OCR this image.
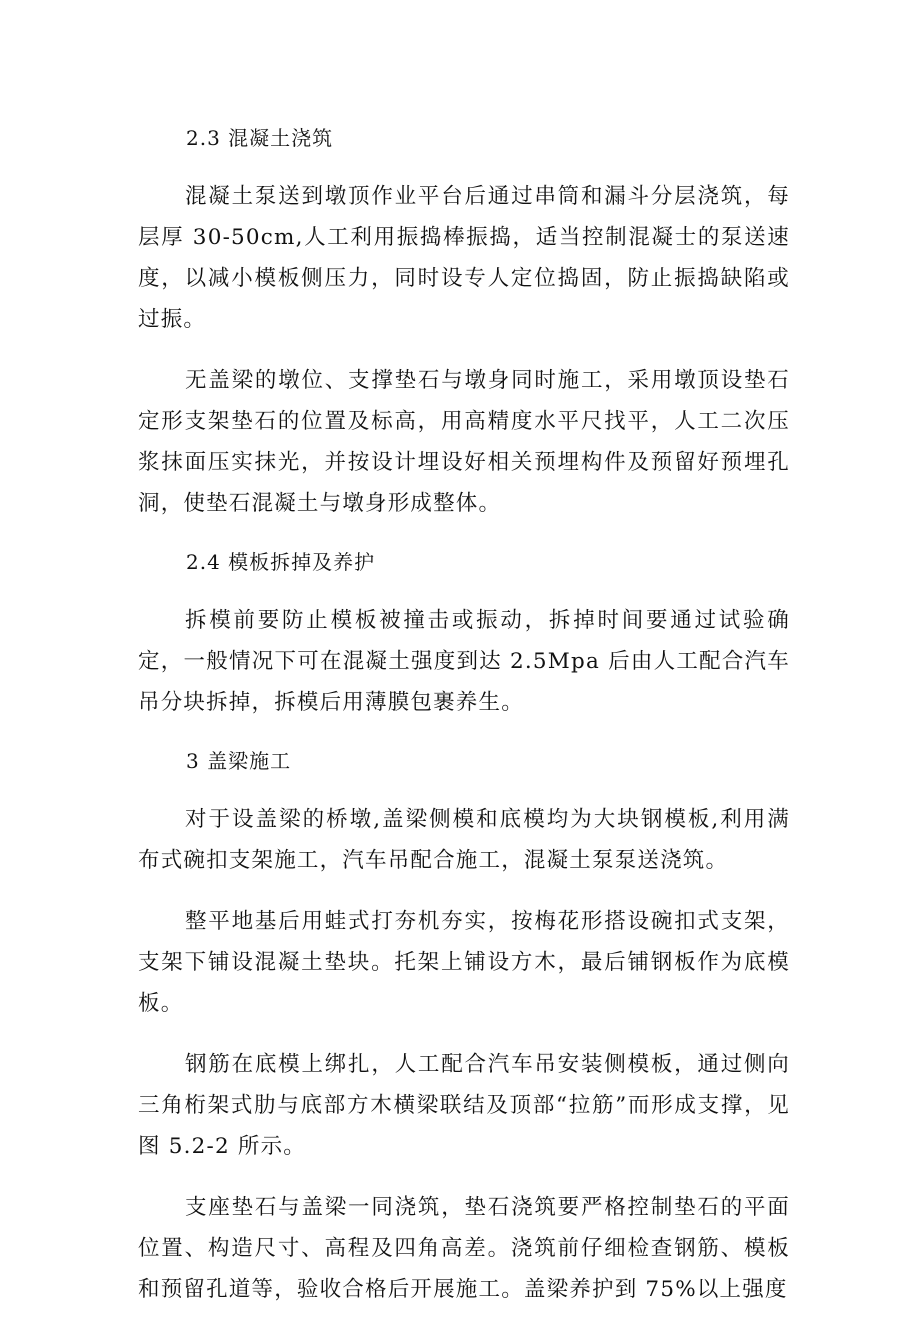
2.3 混凝土浇筑

混凝土泵送到墩顶作业平台后通过串筒和漏斗分层浇筑，每层厚 30-50cm,人工利用振捣棒振捣，适当控制混凝士的泵送速度，以减小模板侧压力，同时设专人定位捣固，防止振捣缺陷或过振。

无盖梁的墩位、支撑垫石与墩身同时施工，采用墩顶设垫石定形支架垫石的位置及标高，用高精度水平尺找平，人工二次压浆抹面压实抹光，并按设计埋设好相关预埋构件及预留好预埋孔洞，使垫石混凝土与墩身形成整体。

2.4 模板拆掉及养护

拆模前要防止模板被撞击或振动，拆掉时间要通过试验确定，一般情况下可在混凝土强度到达 2.5Mpa 后由人工配合汽车吊分块拆掉，拆模后用薄膜包裹养生。

3 盖梁施工

对于设盖梁的桥墩,盖梁侧模和底模均为大块钢模板,利用满布式碗扣支架施工，汽车吊配合施工，混凝土泵泵送浇筑。

整平地基后用蛙式打夯机夯实，按梅花形搭设碗扣式支架，支架下铺设混凝土垫块。托架上铺设方木，最后铺钢板作为底模板。

钢筋在底模上绑扎，人工配合汽车吊安装侧模板，通过侧向三角桁架式肋与底部方木横梁联结及顶部“拉筋”而形成支撑，见图 5.2-2 所示。

支座垫石与盖梁一同浇筑，垫石浇筑要严格控制垫石的平面位置、构造尺寸、高程及四角高差。浇筑前仔细检查钢筋、模板和预留孔道等，验收合格后开展施工。盖梁养护到 75%以上强度
